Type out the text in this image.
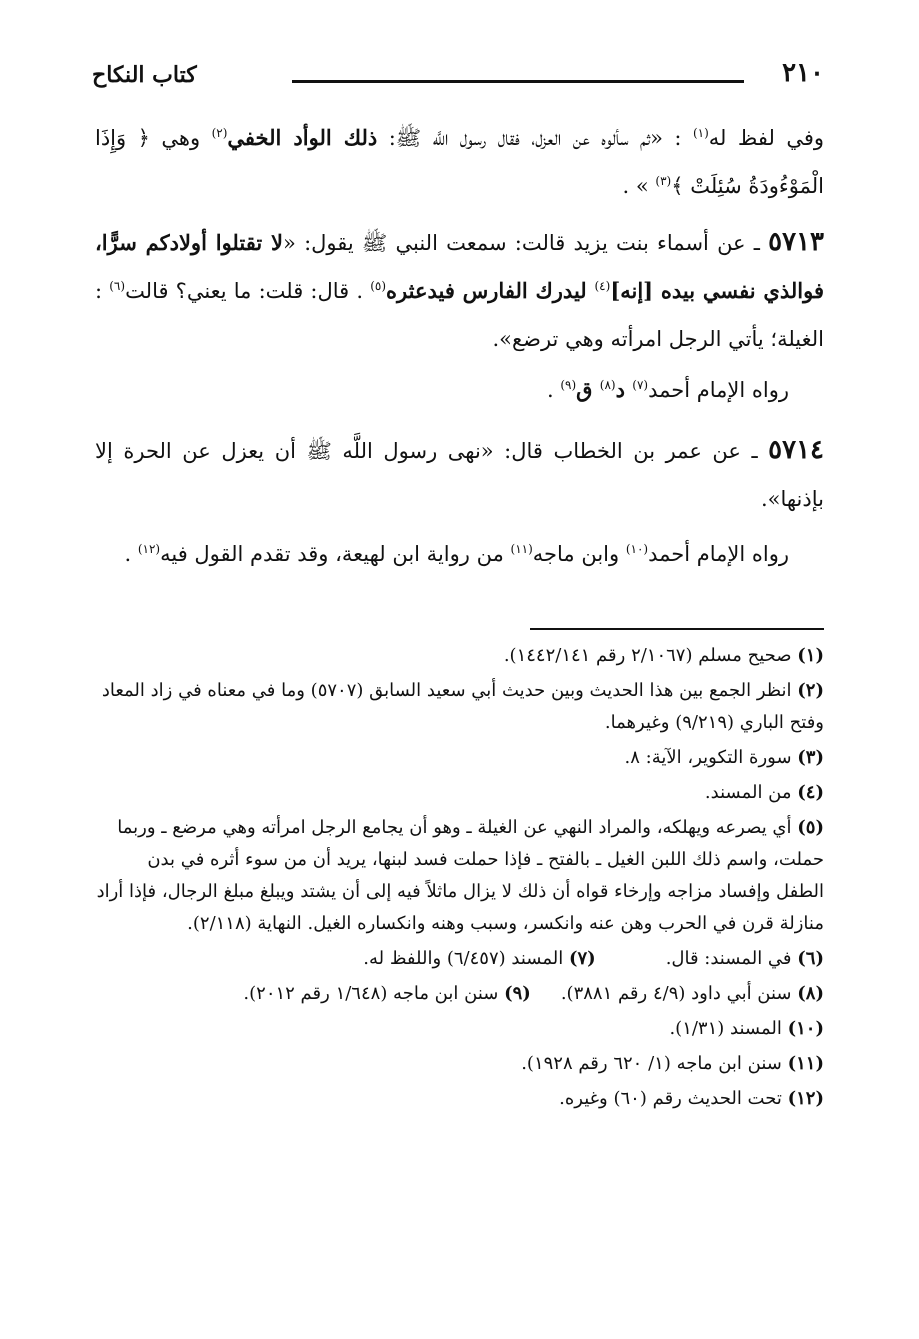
كتاب النكاح	٢١٠
وفي لفظ له$^{(١)}$ : «ثم سألوه عن العزل، فقال رسول اللَّه ﷺ: ذلك الوأد الخفي$^{(٢)}$ وهي ﴿ وَإِذَا الْمَوْءُودَةُ سُئِلَتْ ﴾$^{(٣)}$ » .
٥٧١٣ ـ عن أسماء بنت يزيد قالت: سمعت النبي ﷺ يقول: «لا تقتلوا أولادكم سرًّا، فوالذي نفسي بيده [إنه]$^{(٤)}$ ليدرك الفارس فيدعثره$^{(٥)}$ . قال: قلت: ما يعني؟ قالت$^{(٦)}$ : الغيلة؛ يأتي الرجل امرأته وهي ترضع».
رواه الإمام أحمد$^{(٧)}$ د$^{(٨)}$ ق$^{(٩)}$ .
٥٧١٤ ـ عن عمر بن الخطاب قال: «نهى رسول اللَّه ﷺ أن يعزل عن الحرة إلا بإذنها».
رواه الإمام أحمد$^{(١٠)}$ وابن ماجه$^{(١١)}$ من رواية ابن لهيعة، وقد تقدم القول فيه$^{(١٢)}$ .
(١) صحيح مسلم (٢/١٠٦٧ رقم ١٤٤٢/١٤١).
(٢) انظر الجمع بين هذا الحديث وبين حديث أبي سعيد السابق (٥٧٠٧) وما في معناه في زاد المعاد وفتح الباري (٩/٢١٩) وغيرهما.
(٣) سورة التكوير، الآية: ٨.
(٤) من المسند.
(٥) أي يصرعه ويهلكه، والمراد النهي عن الغيلة ـ وهو أن يجامع الرجل امرأته وهي مرضع ـ وربما حملت، واسم ذلك اللبن الغيل ـ بالفتح ـ فإذا حملت فسد لبنها، يريد أن من سوء أثره في بدن الطفل وإفساد مزاجه وإرخاء قواه أن ذلك لا يزال ماثلاً فيه إلى أن يشتد ويبلغ مبلغ الرجال، فإذا أراد منازلة قرن في الحرب وهن عنه وانكسر، وسبب وهنه وانكساره الغيل. النهاية (٢/١١٨).
(٦) في المسند: قال.
(٧) المسند (٦/٤٥٧) واللفظ له.
(٨) سنن أبي داود (٤/٩ رقم ٣٨٨١).
(٩) سنن ابن ماجه (١/٦٤٨ رقم ٢٠١٢).
(١٠) المسند (١/٣١).
(١١) سنن ابن ماجه (١/ ٦٢٠ رقم ١٩٢٨).
(١٢) تحت الحديث رقم (٦٠) وغيره.
